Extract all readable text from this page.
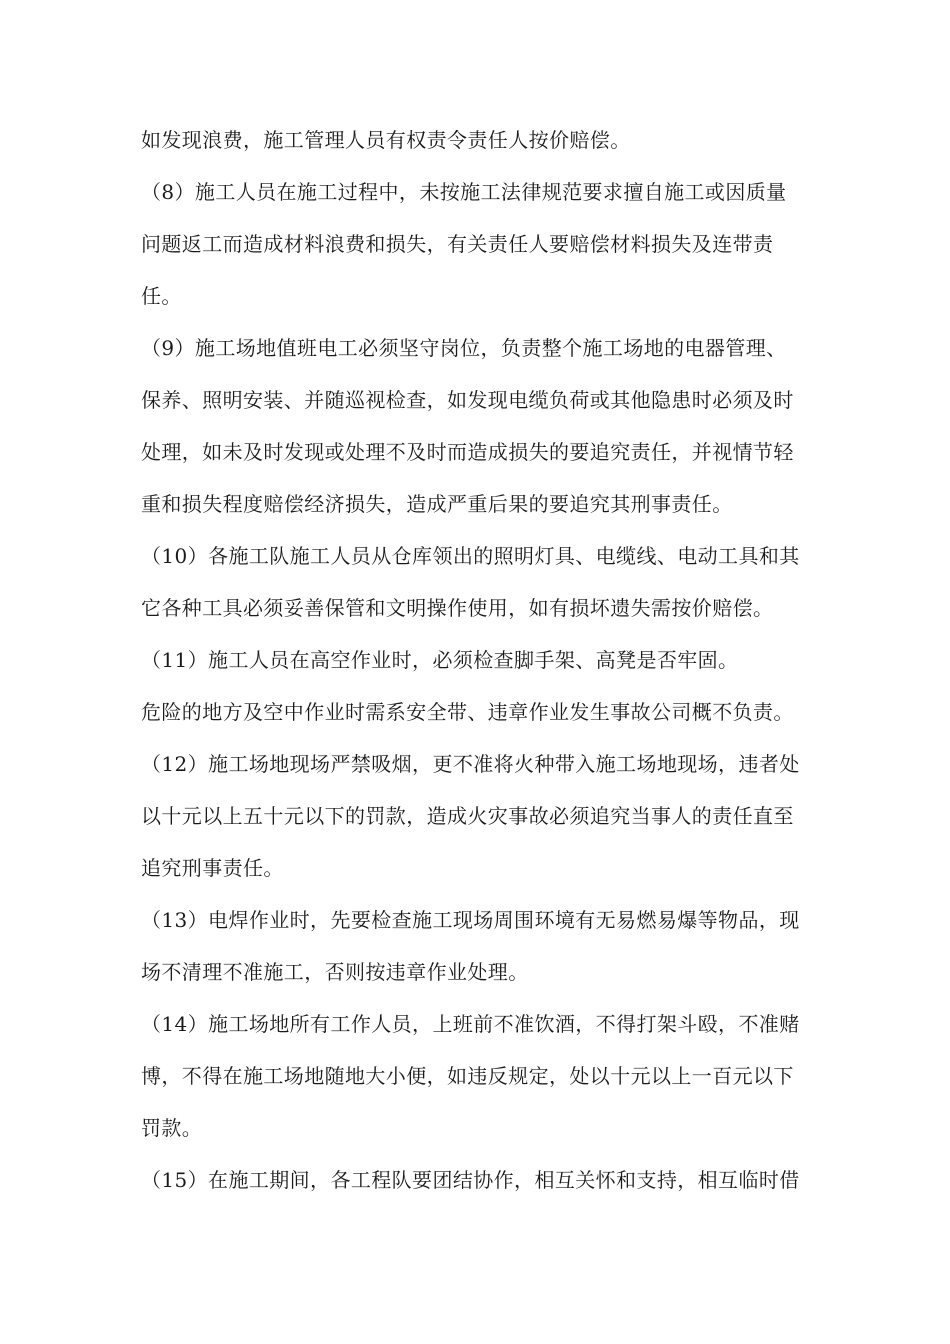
如发现浪费，施工管理人员有权责令责任人按价赔偿。
（8）施工人员在施工过程中，未按施工法律规范要求擅自施工或因质量
问题返工而造成材料浪费和损失，有关责任人要赔偿材料损失及连带责
任。
（9）施工场地值班电工必须坚守岗位，负责整个施工场地的电器管理、
保养、照明安装、并随巡视检查，如发现电缆负荷或其他隐患时必须及时
处理，如未及时发现或处理不及时而造成损失的要追究责任，并视情节轻
重和损失程度赔偿经济损失，造成严重后果的要追究其刑事责任。
（10）各施工队施工人员从仓库领出的照明灯具、电缆线、电动工具和其
它各种工具必须妥善保管和文明操作使用，如有损坏遗失需按价赔偿。
（11）施工人员在高空作业时，必须检查脚手架、高凳是否牢固。
危险的地方及空中作业时需系安全带、违章作业发生事故公司概不负责。
（12）施工场地现场严禁吸烟，更不准将火种带入施工场地现场，违者处
以十元以上五十元以下的罚款，造成火灾事故必须追究当事人的责任直至
追究刑事责任。
（13）电焊作业时，先要检查施工现场周围环境有无易燃易爆等物品，现
场不清理不准施工，否则按违章作业处理。
（14）施工场地所有工作人员，上班前不准饮酒，不得打架斗殴，不准赌
博，不得在施工场地随地大小便，如违反规定，处以十元以上一百元以下
罚款。
（15）在施工期间，各工程队要团结协作，相互关怀和支持，相互临时借
